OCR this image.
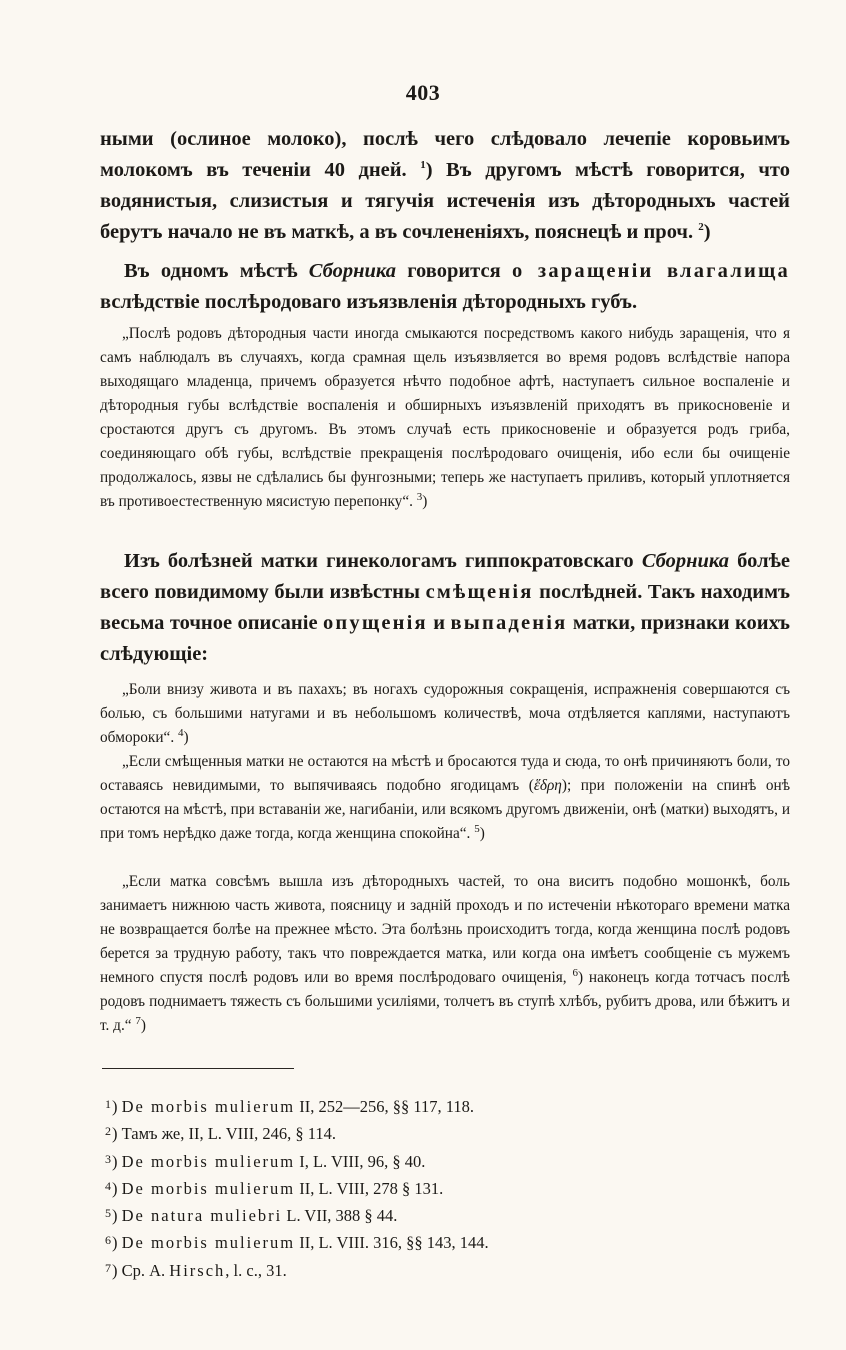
403
ными (ослиное молоко), послѣ чего слѣдовало лечепіе коровьимъ молокомъ въ теченіи 40 дней. $^1$) Въ другомъ мѣстѣ говорится, что водянистыя, слизистыя и тягучія истеченія изъ дѣтородныхъ частей берутъ начало не въ маткѣ, а въ сочлененіяхъ, пояснецѣ и проч. $^2$)
Въ одномъ мѣстѣ Сборника говорится о заращеніи влагалища вслѣдствіе послѣродоваго изъязвленія дѣтородныхъ губъ.
„Послѣ родовъ дѣтородныя части иногда смыкаются посредствомъ какого нибудь заращенія, что я самъ наблюдалъ въ случаяхъ, когда срамная щель изъязвляется во время родовъ вслѣдствіе напора выходящаго младенца, причемъ образуется нѣчто подобное афтѣ, наступаетъ сильное воспаленіе и дѣтородныя губы вслѣдствіе воспаленія и обширныхъ изъязвленій приходятъ въ прикосновеніе и сростаются другъ съ другомъ. Въ этомъ случаѣ есть прикосновеніе и образуется родъ гриба, соединяющаго обѣ губы, вслѣдствіе прекращенія послѣродоваго очищенія, ибо если бы очищеніе продолжалось, язвы не сдѣлались бы фунгозными; теперь же наступаетъ приливъ, который уплотняется въ противоестественную мясистую перепонку“. $^3$)
Изъ болѣзней матки гинекологамъ гиппократовскаго Сборника болѣе всего повидимому были извѣстны смѣщенія послѣдней. Такъ находимъ весьма точное описаніе опущенія и выпаденія матки, признаки коихъ слѣдующіе:
„Боли внизу живота и въ пахахъ; въ ногахъ судорожныя сокращенія, испражненія совершаются съ болью, съ большими натугами и въ небольшомъ количествѣ, моча отдѣляется каплями, наступаютъ обмороки“. $^4$)
„Если смѣщенныя матки не остаются на мѣстѣ и бросаются туда и сюда, то онѣ причиняютъ боли, то оставаясь невидимыми, то выпячиваясь подобно ягодицамъ (ἕδρη); при положеніи на спинѣ онѣ остаются на мѣстѣ, при вставаніи же, нагибаніи, или всякомъ другомъ движеніи, онѣ (матки) выходятъ, и при томъ нерѣдко даже тогда, когда женщина спокойна“. $^5$)
„Если матка совсѣмъ вышла изъ дѣтородныхъ частей, то она виситъ подобно мошонкѣ, боль занимаетъ нижнюю часть живота, поясницу и заднiй проходъ и по истеченіи нѣкотораго времени матка не возвращается болѣе на прежнее мѣсто. Эта болѣзнь происходитъ тогда, когда женщина послѣ родовъ берется за трудную работу, такъ что повреждается матка, или когда она имѣетъ сообщеніе съ мужемъ немного спустя послѣ родовъ или во время послѣродоваго очищенія, $^6$) наконецъ когда тотчасъ послѣ родовъ поднимаетъ тяжесть съ большими усиліями, толчетъ въ ступѣ хлѣбъ, рубитъ дрова, или бѣжитъ и т. д.“ $^7$)
$^1$) De morbis mulierum II, 252—256, §§ 117, 118.
$^2$) Тамъ же, II, L. VIII, 246, § 114.
$^3$) De morbis mulierum I, L. VIII, 96, § 40.
$^4$) De morbis mulierum II, L. VIII, 278 § 131.
$^5$) De natura muliebri L. VII, 388 § 44.
$^6$) De morbis mulierum II, L. VIII. 316, §§ 143, 144.
$^7$) Ср. A. Hirsch, l. c., 31.
